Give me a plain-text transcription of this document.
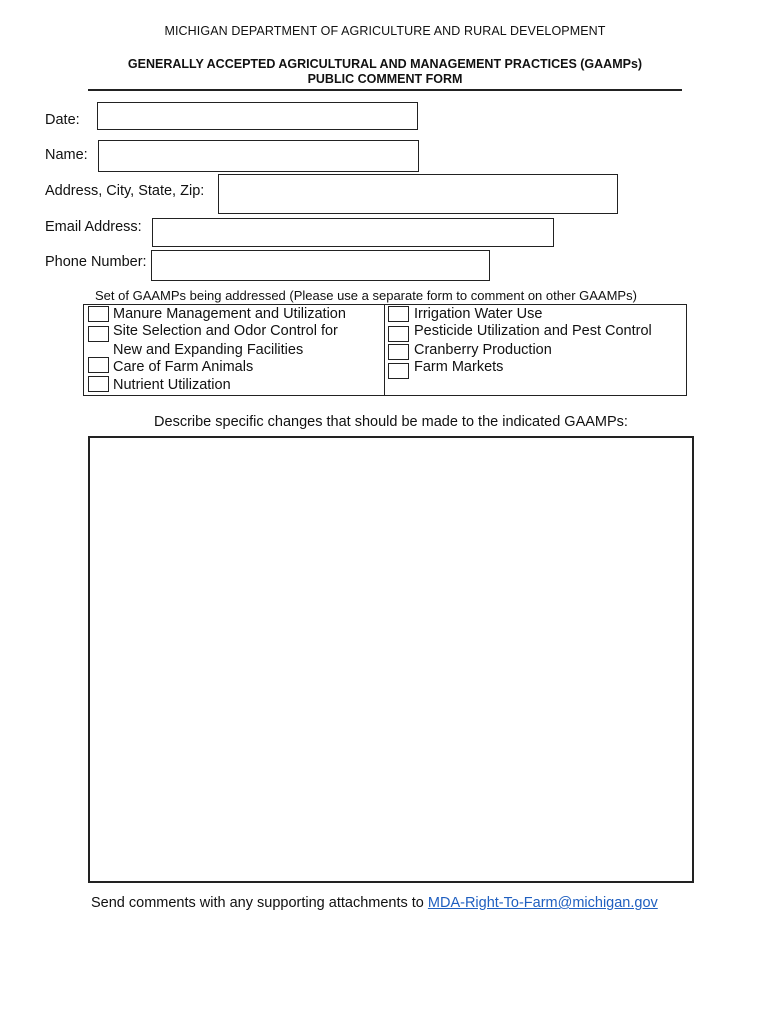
MICHIGAN DEPARTMENT OF AGRICULTURE AND RURAL DEVELOPMENT
GENERALLY ACCEPTED AGRICULTURAL AND MANAGEMENT PRACTICES (GAAMPs)
PUBLIC COMMENT FORM
Date:
Name:
Address, City, State, Zip:
Email Address:
Phone Number:
Set of GAAMPs being addressed (Please use a separate form to comment on other GAAMPs)
Manure Management and Utilization
Site Selection and Odor Control for
New and Expanding Facilities
Care of Farm Animals
Nutrient Utilization
Irrigation Water Use
Pesticide Utilization and Pest Control
Cranberry Production
Farm Markets
Describe specific changes that should be made to the indicated GAAMPs:
Send comments with any supporting attachments to MDA-Right-To-Farm@michigan.gov
